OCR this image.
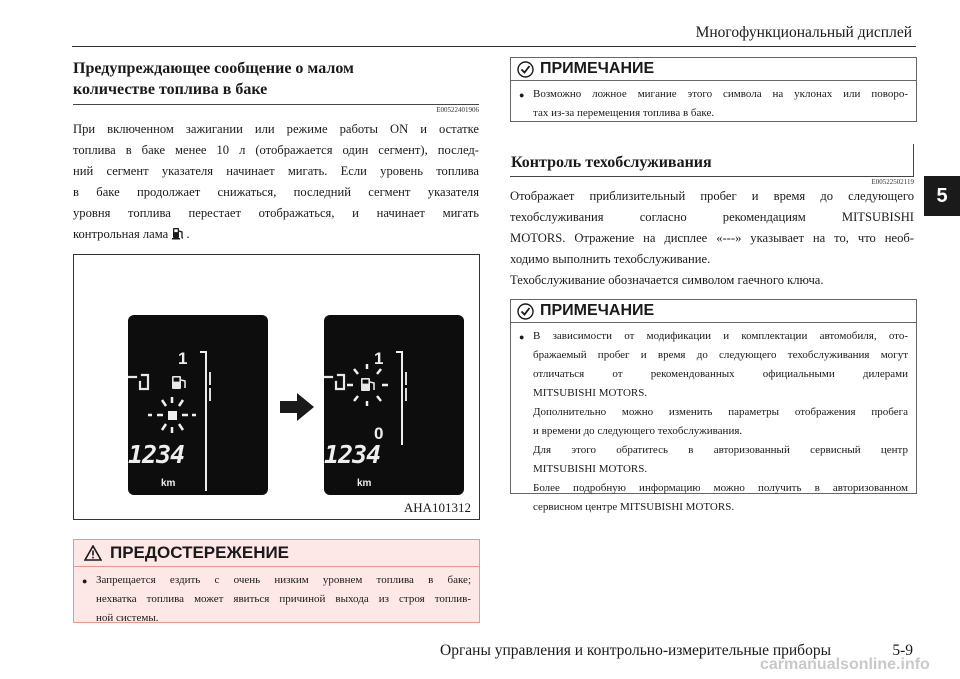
Многофункциональный дисплей
5
Предупреждающее сообщение о малом
количестве топлива в баке
E00522401906

При включенном зажигании или режиме работы ON и остатке

топлива в баке менее 10 л (отображается один сегмент), послед-

ний сегмент указателя начинает мигать. Если уровень топлива

в баке продолжает снижаться, последний сегмент указателя

уровня топлива перестает отображаться, и начинает мигать

контрольная лама .

1
1234
km
1
0
1234
km
AHA101312
ПРЕДОСТЕРЕЖЕНИЕ
● Запрещается ездить с очень низким уровнем топлива в баке;
нехватка топлива может явиться причиной выхода из строя топлив-
ной системы.
ПРИМЕЧАНИЕ
● Возможно ложное мигание этого символа на уклонах или поворо-
тах из-за перемещения топлива в баке.
Контроль техобслуживания
E00522502119

Отображает приблизительный пробег и время до следующего

техобслуживания согласно рекомендациям MITSUBISHI

MOTORS. Отражение на дисплее «---» указывает на то, что необ-

ходимо выполнить техобслуживание.

Техобслуживание обозначается символом гаечного ключа.

ПРИМЕЧАНИЕ
● В зависимости от модификации и комплектации автомобиля, ото-
бражаемый пробег и время до следующего техобслуживания могут
отличаться от рекомендованных официальными дилерами
MITSUBISHI MOTORS.
Дополнительно можно изменить параметры отображения пробега
и времени до следующего техобслуживания.
Для этого обратитесь в авторизованный сервисный центр
MITSUBISHI MOTORS.
Более подробную информацию можно получить в авторизованном
сервисном центре MITSUBISHI MOTORS.
Органы управления и контрольно-измерительные приборы	5-9
carmanualsonline.info
